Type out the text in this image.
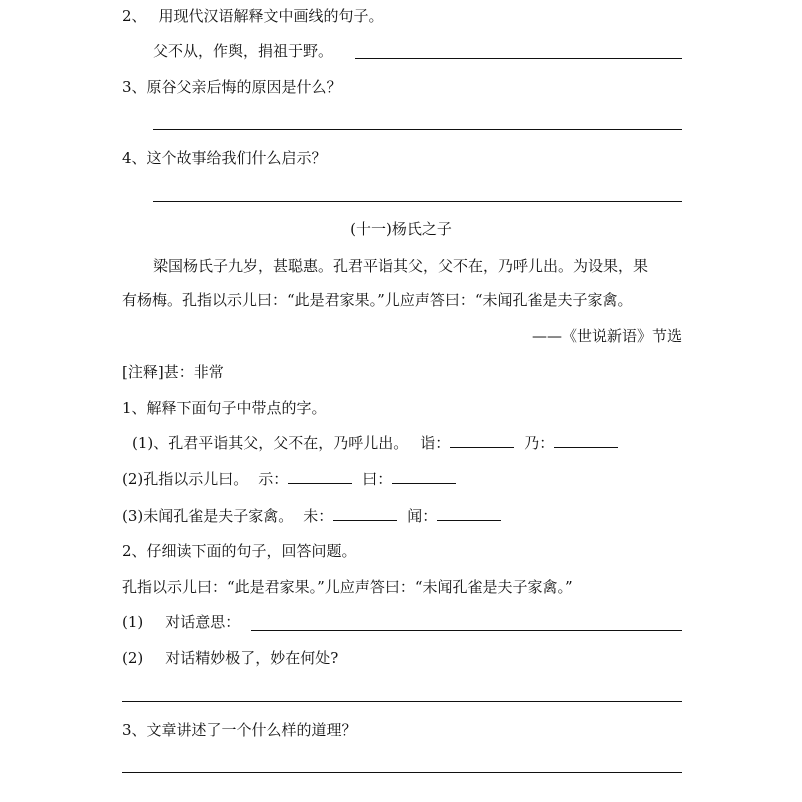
2、 用现代汉语解释文中画线的句子。
父不从，作舆，捐祖于野。
3、原谷父亲后悔的原因是什么？
4、这个故事给我们什么启示？
(十一)杨氏之子
梁国杨氏子九岁，甚聪惠。孔君平诣其父，父不在，乃呼儿出。为设果，果
有杨梅。孔指以示儿曰：“此是君家果。”儿应声答曰：“未闻孔雀是夫子家禽。
——《世说新语》节选
[注释]甚：非常
1、解释下面句子中带点的字。
(1)、孔君平诣其父，父不在，乃呼儿出。 诣：	乃：
(2)孔指以示儿曰。 示：	曰：
(3)未闻孔雀是夫子家禽。 未：	闻：
2、仔细读下面的句子，回答问题。
孔指以示儿曰：“此是君家果。”儿应声答曰：“未闻孔雀是夫子家禽。”
(1) 对话意思：
(2) 对话精妙极了，妙在何处?
3、文章讲述了一个什么样的道理？
